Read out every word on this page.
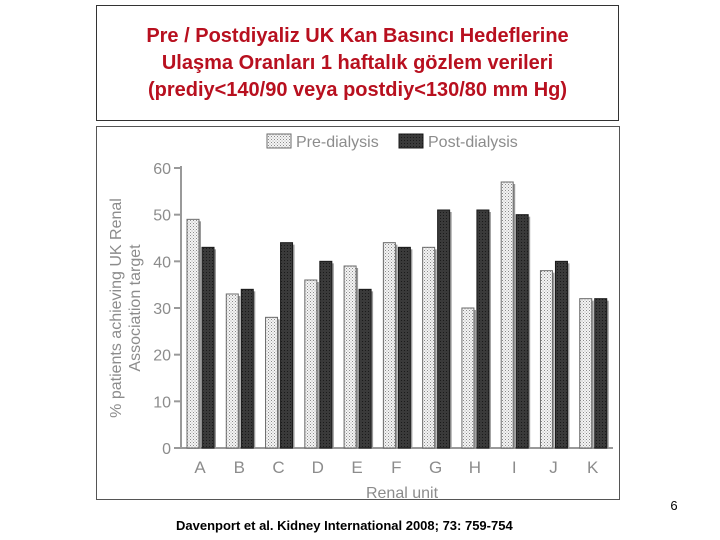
Pre / Postdiyaliz UK Kan Basıncı Hedeflerine
Ulaşma Oranları 1 haftalık gözlem verileri
(prediy<140/90 veya postdiy<130/80 mm Hg)
0
10
20
30
40
50
60
% patients achieving UK Renal Association target
A B C D E F G H I J K
Renal unit
Pre-dialysis	Post-dialysis
6
Davenport et al. Kidney International 2008; 73: 759-754
